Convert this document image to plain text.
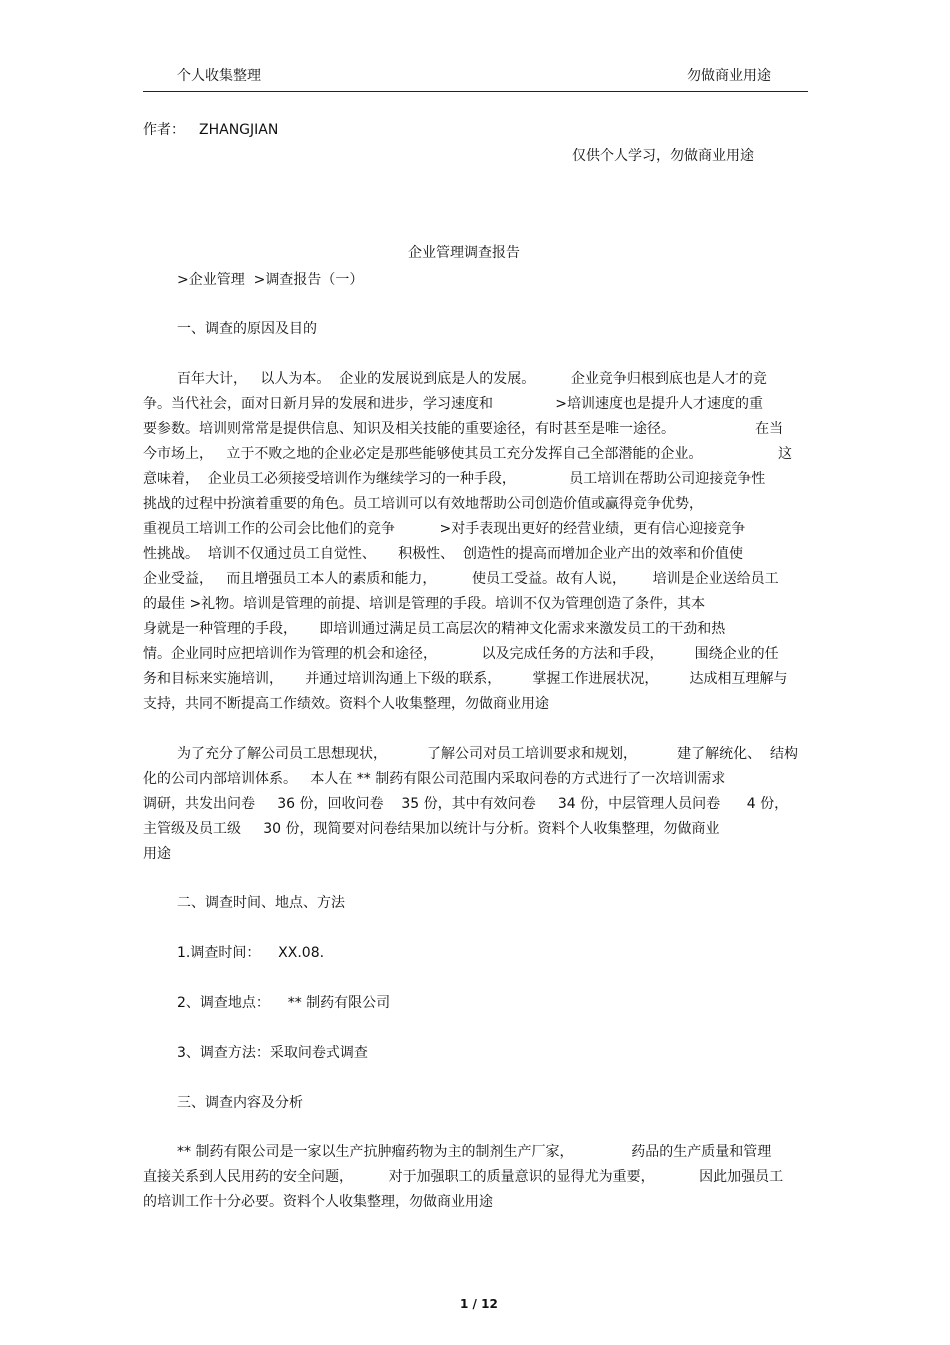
个人收集整理	勿做商业用途
作者： ZHANGJIAN
仅供个人学习，勿做商业用途
企业管理调查报告
>企业管理  >调查报告（一）
一、调查的原因及目的
百年大计，   以人为本。  企业的发展说到底是人的发展。        企业竞争归根到底也是人才的竞
争。当代社会，面对日新月异的发展和进步，学习速度和              >培训速度也是提升人才速度的重
要参数。培训则常常是提供信息、知识及相关技能的重要途径，有时甚至是唯一途径。                  在当
今市场上，   立于不败之地的企业必定是那些能够使其员工充分发挥自己全部潜能的企业。                 这
意味着，  企业员工必须接受培训作为继续学习的一种手段，            员工培训在帮助公司迎接竞争性
挑战的过程中扮演着重要的角色。员工培训可以有效地帮助公司创造价值或赢得竞争优势，
重视员工培训工作的公司会比他们的竞争          >对手表现出更好的经营业绩，更有信心迎接竞争
性挑战。  培训不仅通过员工自觉性、     积极性、  创造性的提高而增加企业产出的效率和价值使
企业受益，   而且增强员工本人的素质和能力，        使员工受益。故有人说，      培训是企业送给员工
的最佳 >礼物。培训是管理的前提、培训是管理的手段。培训不仅为管理创造了条件，其本
身就是一种管理的手段，     即培训通过满足员工高层次的精神文化需求来激发员工的干劲和热
情。企业同时应把培训作为管理的机会和途径，          以及完成任务的方法和手段，       围绕企业的任
务和目标来实施培训，     并通过培训沟通上下级的联系，       掌握工作进展状况，       达成相互理解与
支持，共同不断提高工作绩效。资料个人收集整理，勿做商业用途
为了充分了解公司员工思想现状，         了解公司对员工培训要求和规划，         建了解统化、  结构
化的公司内部培训体系。   本人在 ** 制药有限公司范围内采取问卷的方式进行了一次培训需求
调研，共发出问卷     36 份，回收问卷    35 份，其中有效问卷     34 份，中层管理人员问卷      4 份，
主管级及员工级     30 份，现简要对问卷结果加以统计与分析。资料个人收集整理，勿做商业
用途
二、调查时间、地点、方法
1.调查时间：    XX.08.
2、调查地点：    ** 制药有限公司
3、调查方法：采取问卷式调查
三、调查内容及分析
** 制药有限公司是一家以生产抗肿瘤药物为主的制剂生产厂家，             药品的生产质量和管理
直接关系到人民用药的安全问题，        对于加强职工的质量意识的显得尤为重要，          因此加强员工
的培训工作十分必要。资料个人收集整理，勿做商业用途
1 / 12
